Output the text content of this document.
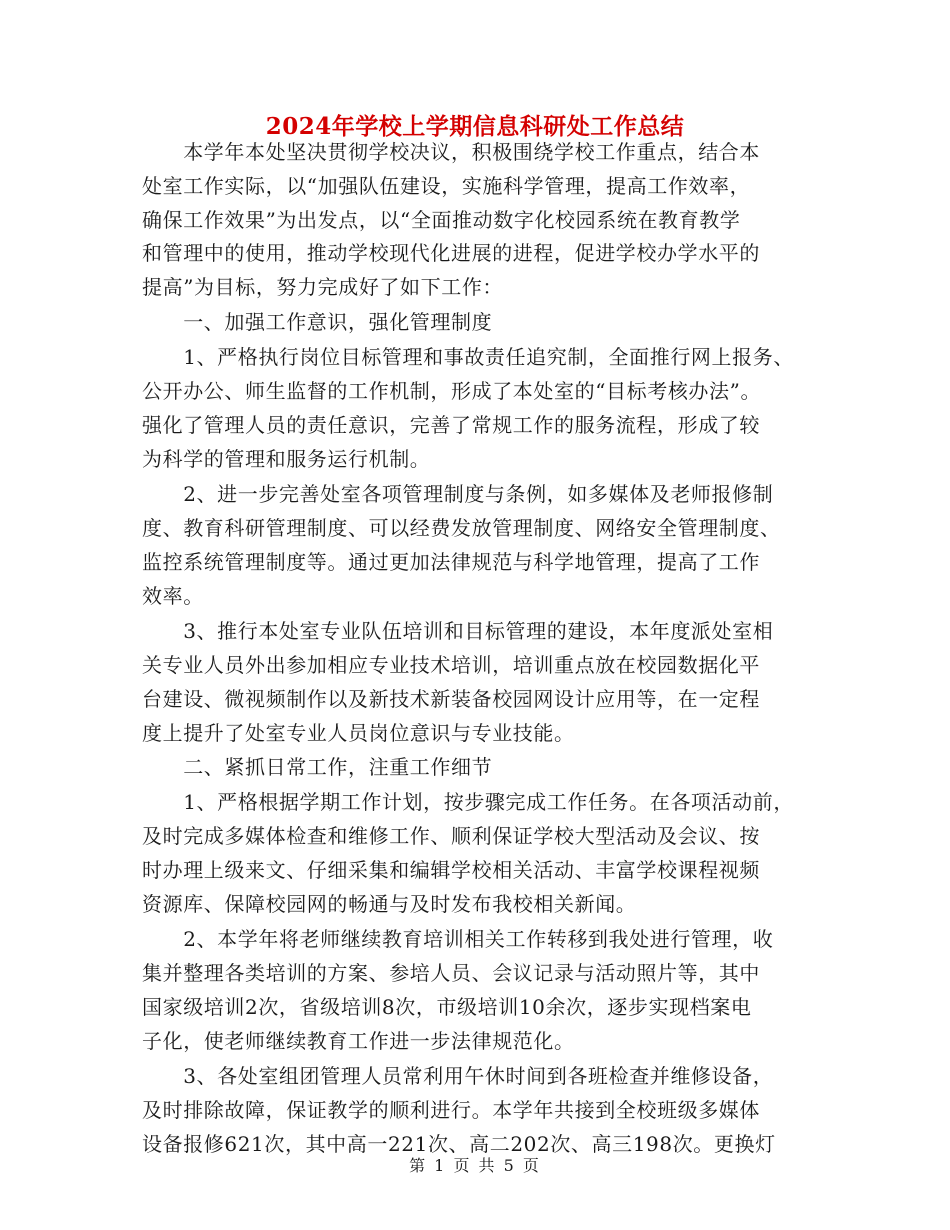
2024年学校上学期信息科研处工作总结
　　本学年本处坚决贯彻学校决议，积极围绕学校工作重点，结合本
处室工作实际，以“加强队伍建设，实施科学管理，提高工作效率，
确保工作效果”为出发点，以“全面推动数字化校园系统在教育教学
和管理中的使用，推动学校现代化进展的进程，促进学校办学水平的
提高”为目标，努力完成好了如下工作：
　　一、加强工作意识，强化管理制度
　　1、严格执行岗位目标管理和事故责任追究制，全面推行网上报务、
公开办公、师生监督的工作机制，形成了本处室的“目标考核办法”。
强化了管理人员的责任意识，完善了常规工作的服务流程，形成了较
为科学的管理和服务运行机制。
　　2、进一步完善处室各项管理制度与条例，如多媒体及老师报修制
度、教育科研管理制度、可以经费发放管理制度、网络安全管理制度、
监控系统管理制度等。通过更加法律规范与科学地管理，提高了工作
效率。
　　3、推行本处室专业队伍培训和目标管理的建设，本年度派处室相
关专业人员外出参加相应专业技术培训，培训重点放在校园数据化平
台建设、微视频制作以及新技术新装备校园网设计应用等，在一定程
度上提升了处室专业人员岗位意识与专业技能。
　　二、紧抓日常工作，注重工作细节
　　1、严格根据学期工作计划，按步骤完成工作任务。在各项活动前，
及时完成多媒体检查和维修工作、顺利保证学校大型活动及会议、按
时办理上级来文、仔细采集和编辑学校相关活动、丰富学校课程视频
资源库、保障校园网的畅通与及时发布我校相关新闻。
　　2、本学年将老师继续教育培训相关工作转移到我处进行管理，收
集并整理各类培训的方案、参培人员、会议记录与活动照片等，其中
国家级培训2次，省级培训8次，市级培训10余次，逐步实现档案电
子化，使老师继续教育工作进一步法律规范化。
　　3、各处室组团管理人员常利用午休时间到各班检查并维修设备，
及时排除故障，保证教学的顺利进行。本学年共接到全校班级多媒体
设备报修621次，其中高一221次、高二202次、高三198次。更换灯
第 1 页 共 5 页
